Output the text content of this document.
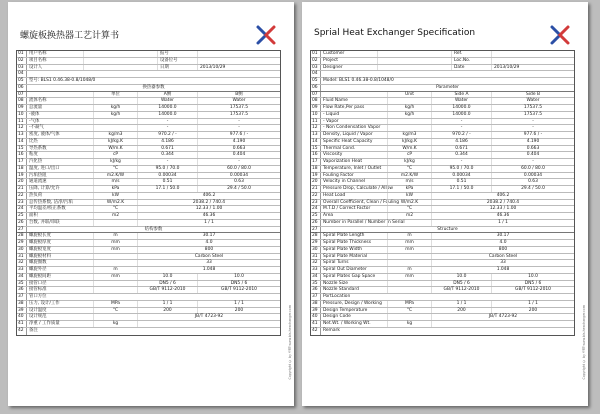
螺旋板换热器工艺计算书
01	用户名称	报号
02	项目名称	设备位号
03	设计人	日期	2013/10/29
04
05	型号: BLS1 0.46.38-0.8/1048/0
06	换热器参数
07	单位	A侧	B侧
08	流体名称	Water	Water
09	总流量	kg/h	14000.0	17537.5
10	-液体	kg/h	14000.0	17537.5
11	-气体	-	-
12	-不凝气	-	-
13	密度, 液体/气体	kg/m3	970.2 / -	977.6 / -
14	比热	kJ/kg.K	4.186	4.190
15	导热系数	W/m.K	0.671	0.663
16	粘度	cP	0.344	0.404
17	汽化热	kJ/kg	-	-
18	温度, 进口/出口	°C	95.0 / 70.0	60.0 / 80.0
19	污垢热阻	m2.K/W	0.00034	0.00034
20	通道流速	m/s	0.51	0.63
21	压降, 计算/允许	kPa	17.1 / 50.0	29.4 / 50.0
22	热负荷	kW	406.2
23	总传热系数, 洁净/污垢	W/m2.K	2038.2 / 740.4
24	平均温差/校正系数	°C	12.33 / 1.00
25	面积	m2	46.36
26	台数, 并联/串联	1 / 1
27	结构参数
28	螺旋板长度	m	30.17
29	螺旋板厚度	mm	4.0
30	螺旋板宽度	mm	800
31	螺旋板材料	Carbon Steel
32	螺旋圈数	33
33	螺旋外径	m	1.048
34	螺旋板间距	mm	10.0	10.0
35	接管口径	DN5 / 6	DN5 / 6
36	接管标准	GB/T 9112-2010	GB/T 9112-2010
37	管口方位
38	压力, 设计/工作	MPa	1 / 1	1 / 1
39	设计温度	°C	200	200
40	设计规范	JB/T 4723-92
41	净重 / 工作质量	kg
42	备注	Copyright © by 杰瑞 www.bls-hexchanger.com
Sprial Heat Exchanger Specification
01	Customer	Ref.
02	Project	Loc.No.
03	Designer	Date	2013/10/29
04
05	Model: BLS1 0.46.38-0.8/1048/0
06	Parameter
07	Unit	Side A	Side B
08	Fluid Name	Water	Water
09	Flow Rate,Per pass	kg/h	14000.0	17537.5
10	- Liquid	kg/h	14000.0	17537.5
11	- Vapor	-	-
12	- Non Condensation Vapor	-	-
13	Density, Liquid / Vapor	kg/m3	970.2 / -	977.6 / -
14	Specific Heat Capacity	kJ/kg.K	4.186	4.190
15	Thermal Cond.	W/m.K	0.671	0.663
16	Viscosity	cP	0.344	0.404
17	Vaporization Heat	kJ/kg	-	-
18	Temperature, Inlet / Outlet	°C	95.0 / 70.0	60.0 / 80.0
19	Fouling Factor	m2.K/W	0.00034	0.00034
20	Velocity in Channel	m/s	0.51	0.63
21	Pressure Drop, Calculate / Allow	kPa	17.1 / 50.0	29.4 / 50.0
22	Heat Load	kW	406.2
23	Overall Coefficient, Clean / Fouling W/m2.K	2038.2 / 740.4
24	M.T.D / Correct Factor	°C	12.33 / 1.00
25	Area	m2	46.36
26	Number in Parallel / Number in Serial	1 / 1
27	Structure
28	Spiral Plate Length	m	30.17
29	Spiral Plate Thickness	mm	4.0
30	Spiral Plate Width	mm	800
31	Spiral Plate Material	Carbon Steel
32	Spiral Turns	33
33	Spiral Out Diameter	m	1.048
34	Spiral Plates Gap Space	mm	10.0	10.0
35	Nozzle Size	DN5 / 6	DN5 / 6
36	Nozzle Standard	GB/T 9112-2010	GB/T 9112-2010
37	PortLocation
38	Pressure, Design / Working	MPa	1 / 1	1 / 1
39	Design Temperature	°C	200	200
40	Design Code	JB/T 4723-92
41	Net.Wt. / Working Wt.	kg
42	Remark	Copyright © by 杰瑞 www.bls-hexchanger.com
